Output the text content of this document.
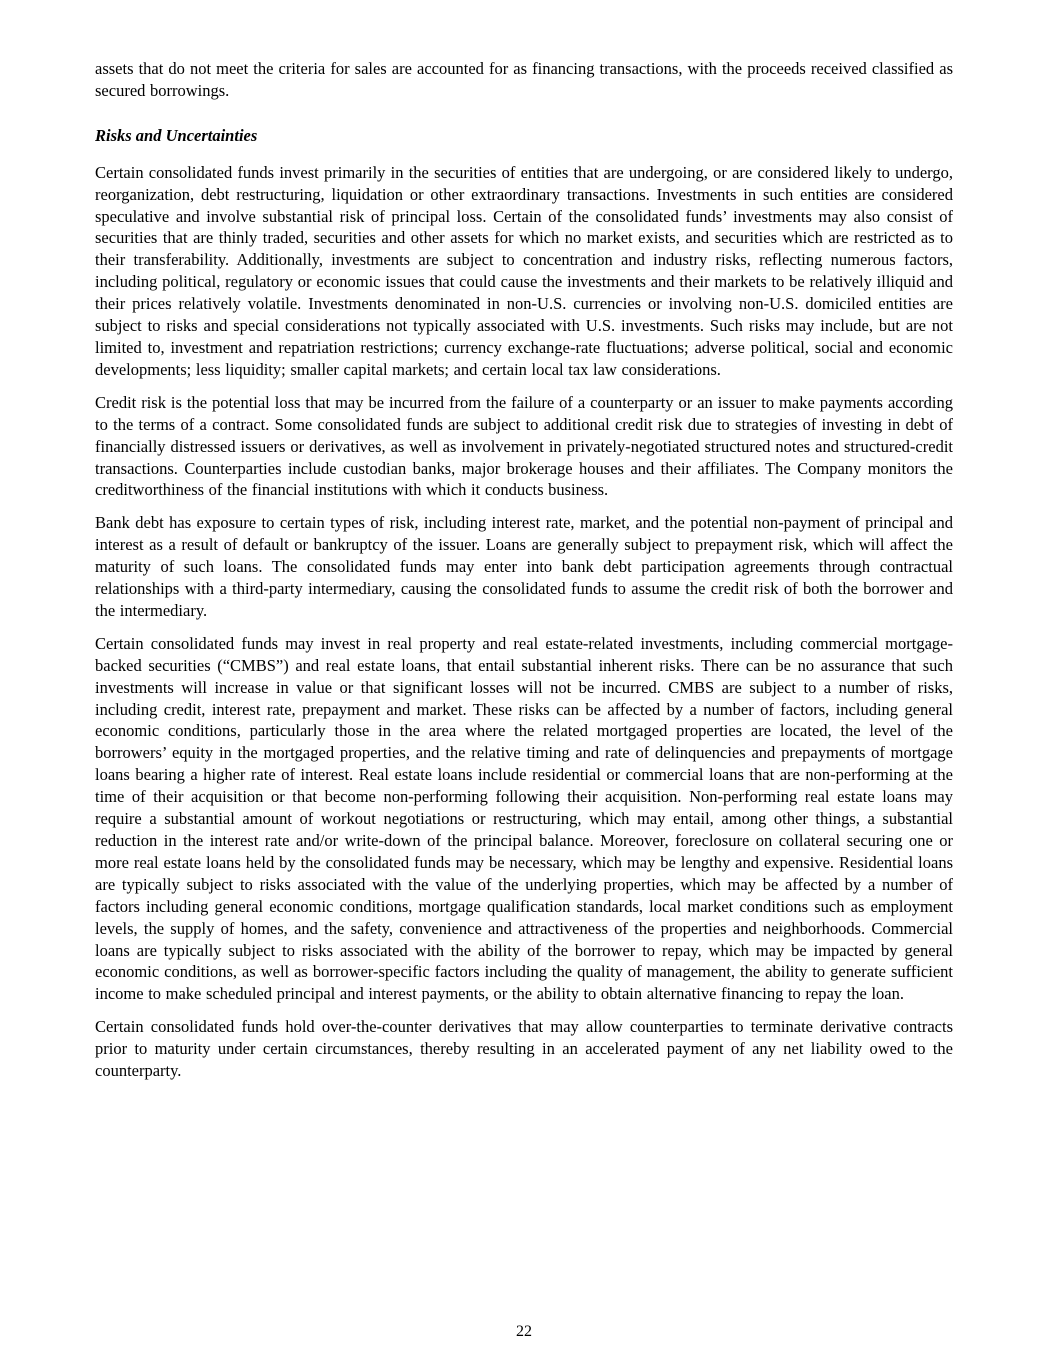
assets that do not meet the criteria for sales are accounted for as financing transactions, with the proceeds received classified as secured borrowings.

Risks and Uncertainties

Certain consolidated funds invest primarily in the securities of entities that are undergoing, or are considered likely to undergo, reorganization, debt restructuring, liquidation or other extraordinary transactions. Investments in such entities are considered speculative and involve substantial risk of principal loss. Certain of the consolidated funds’ investments may also consist of securities that are thinly traded, securities and other assets for which no market exists, and securities which are restricted as to their transferability. Additionally, investments are subject to concentration and industry risks, reflecting numerous factors, including political, regulatory or economic issues that could cause the investments and their markets to be relatively illiquid and their prices relatively volatile. Investments denominated in non-U.S. currencies or involving non-U.S. domiciled entities are subject to risks and special considerations not typically associated with U.S. investments. Such risks may include, but are not limited to, investment and repatriation restrictions; currency exchange-rate fluctuations; adverse political, social and economic developments; less liquidity; smaller capital markets; and certain local tax law considerations.

Credit risk is the potential loss that may be incurred from the failure of a counterparty or an issuer to make payments according to the terms of a contract. Some consolidated funds are subject to additional credit risk due to strategies of investing in debt of financially distressed issuers or derivatives, as well as involvement in privately-negotiated structured notes and structured-credit transactions. Counterparties include custodian banks, major brokerage houses and their affiliates. The Company monitors the creditworthiness of the financial institutions with which it conducts business.

Bank debt has exposure to certain types of risk, including interest rate, market, and the potential non-payment of principal and interest as a result of default or bankruptcy of the issuer. Loans are generally subject to prepayment risk, which will affect the maturity of such loans. The consolidated funds may enter into bank debt participation agreements through contractual relationships with a third-party intermediary, causing the consolidated funds to assume the credit risk of both the borrower and the intermediary.

Certain consolidated funds may invest in real property and real estate-related investments, including commercial mortgage-backed securities (“CMBS”) and real estate loans, that entail substantial inherent risks. There can be no assurance that such investments will increase in value or that significant losses will not be incurred. CMBS are subject to a number of risks, including credit, interest rate, prepayment and market. These risks can be affected by a number of factors, including general economic conditions, particularly those in the area where the related mortgaged properties are located, the level of the borrowers’ equity in the mortgaged properties, and the relative timing and rate of delinquencies and prepayments of mortgage loans bearing a higher rate of interest. Real estate loans include residential or commercial loans that are non-performing at the time of their acquisition or that become non-performing following their acquisition. Non-performing real estate loans may require a substantial amount of workout negotiations or restructuring, which may entail, among other things, a substantial reduction in the interest rate and/or write-down of the principal balance. Moreover, foreclosure on collateral securing one or more real estate loans held by the consolidated funds may be necessary, which may be lengthy and expensive. Residential loans are typically subject to risks associated with the value of the underlying properties, which may be affected by a number of factors including general economic conditions, mortgage qualification standards, local market conditions such as employment levels, the supply of homes, and the safety, convenience and attractiveness of the properties and neighborhoods. Commercial loans are typically subject to risks associated with the ability of the borrower to repay, which may be impacted by general economic conditions, as well as borrower-specific factors including the quality of management, the ability to generate sufficient income to make scheduled principal and interest payments, or the ability to obtain alternative financing to repay the loan.

Certain consolidated funds hold over-the-counter derivatives that may allow counterparties to terminate derivative contracts prior to maturity under certain circumstances, thereby resulting in an accelerated payment of any net liability owed to the counterparty.

22
